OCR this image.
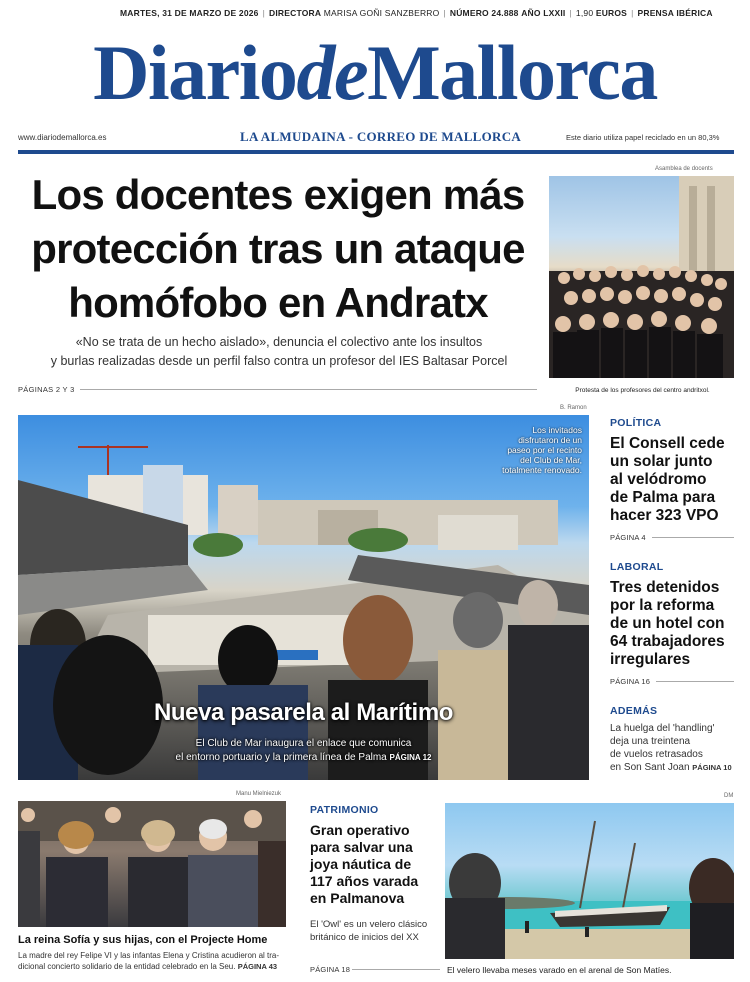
MARTES, 31 DE MARZO DE 2026 | DIRECTORA MARISA GOÑI SANZBERRO | NÚMERO 24.888 AÑO LXXII | 1,90 EUROS | PRENSA IBÉRICA
DiariodeMallorca
www.diariodemallorca.es	LA ALMUDAINA - CORREO DE MALLORCA	Este diario utiliza papel reciclado en un 80,3%
Los docentes exigen más
protección tras un ataque
homófobo en Andratx
«No se trata de un hecho aislado», denuncia el colectivo ante los insultos
y burlas realizadas desde un perfil falso contra un profesor del IES Baltasar Porcel
PÁGINAS 2 Y 3
Asamblea de docents
Protesta de los profesores del centro andritxol.
B. Ramon
Los invitados
disfrutaron de un
paseo por el recinto
del Club de Mar,
totalmente renovado.
Nueva pasarela al Marítimo
El Club de Mar inaugura el enlace que comunica
el entorno portuario y la primera línea de Palma PÁGINA 12
POLÍTICA
El Consell cede
un solar junto
al velódromo
de Palma para
hacer 323 VPO
PÁGINA 4
LABORAL
Tres detenidos
por la reforma
de un hotel con
64 trabajadores
irregulares
PÁGINA 16
ADEMÁS
La huelga del 'handling'
deja una treintena
de vuelos retrasados
en Son Sant Joan PÁGINA 10
Manu Mielniezuk
La reina Sofía y sus hijas, con el Projecte Home
La madre del rey Felipe VI y las infantas Elena y Cristina acudieron al tra-
dicional concierto solidario de la entidad celebrado en la Seu. PÁGINA 43
PATRIMONIO
Gran operativo
para salvar una
joya náutica de
117 años varada
en Palmanova
El 'Owl' es un velero clásico
británico de inicios del XX
PÁGINA 18
DM
El velero llevaba meses varado en el arenal de Son Matíes.
